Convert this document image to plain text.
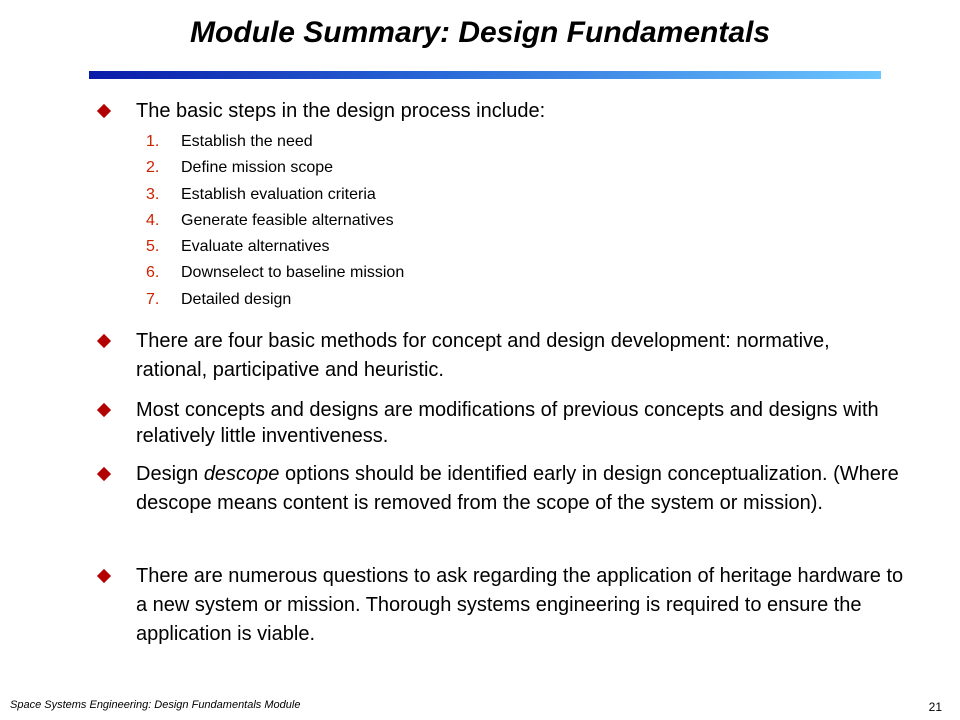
Module Summary: Design Fundamentals
The basic steps in the design process include:
1. Establish the need
2. Define mission scope
3. Establish evaluation criteria
4. Generate feasible alternatives
5. Evaluate alternatives
6. Downselect to baseline mission
7. Detailed design
There are four basic methods for concept and design development: normative, rational, participative and heuristic.
Most concepts and designs are modifications of previous concepts and designs with relatively little inventiveness.
Design descope options should be identified early in design conceptualization. (Where descope means content is removed from the scope of the system or mission).
There are numerous questions to ask regarding the application of heritage hardware to a new system or mission. Thorough systems engineering is required to ensure the application is viable.
Space Systems Engineering: Design Fundamentals Module	21
